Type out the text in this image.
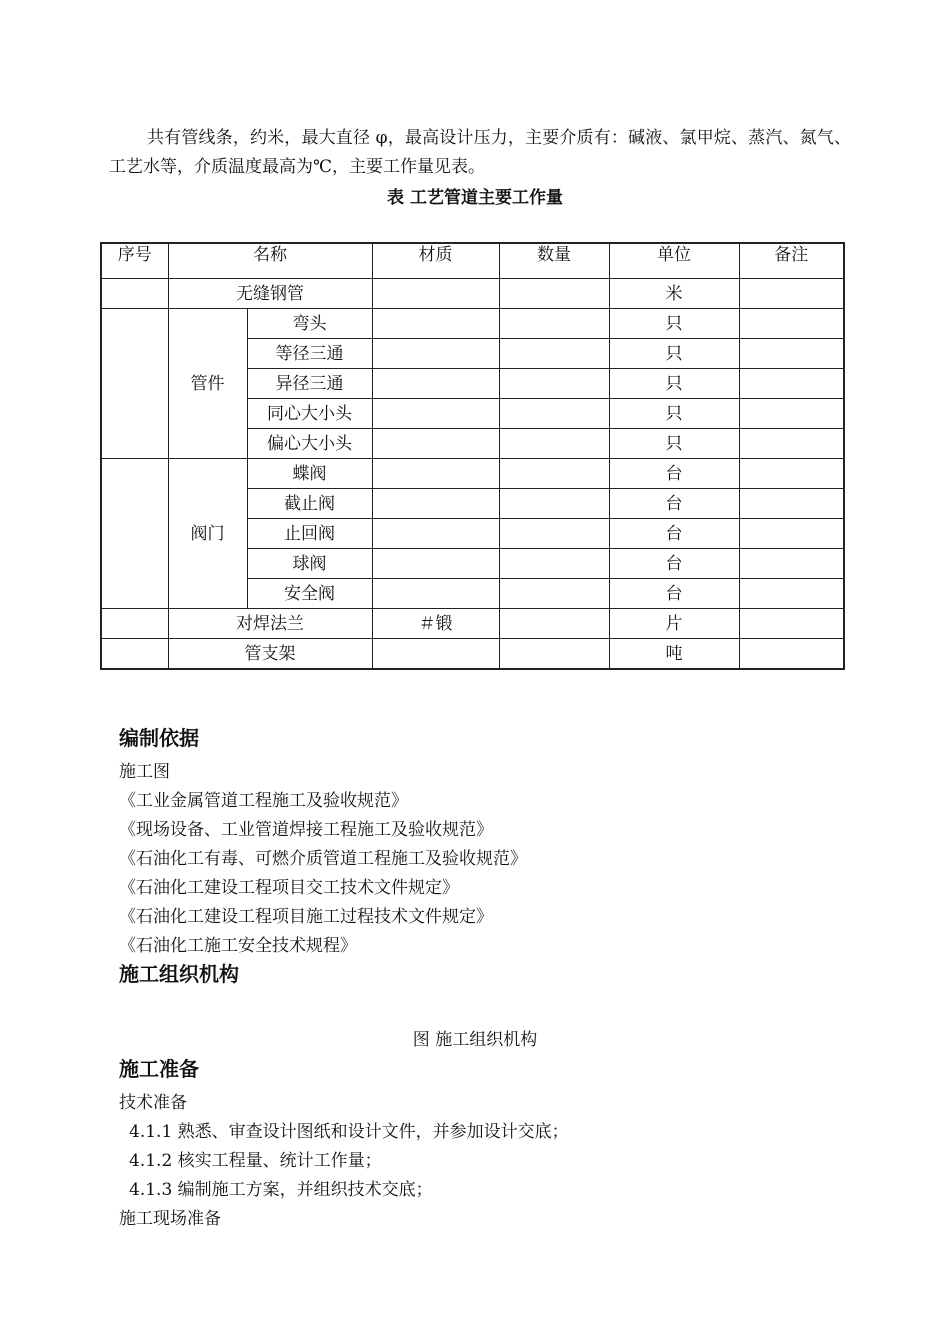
共有管线条，约米，最大直径 φ，最高设计压力，主要介质有：碱液、氯甲烷、蒸汽、氮气、工艺水等，介质温度最高为℃，主要工作量见表。

表 工艺管道主要工作量
序号	名称		材质	数量	单位	备注
	无缝钢管				米	
	管件	弯头			只	
		等径三通			只	
		异径三通			只	
		同心大小头			只	
		偏心大小头			只	
	阀门	蝶阀			台	
		截止阀			台	
		止回阀			台	
		球阀			台	
		安全阀			台	
	对焊法兰		＃锻		片	
	管支架				吨	
编制依据

施工图

《工业金属管道工程施工及验收规范》

《现场设备、工业管道焊接工程施工及验收规范》

《石油化工有毒、可燃介质管道工程施工及验收规范》

《石油化工建设工程项目交工技术文件规定》

《石油化工建设工程项目施工过程技术文件规定》

《石油化工施工安全技术规程》

施工组织机构
图 施工组织机构
施工准备

技术准备

4.1.1 熟悉、审查设计图纸和设计文件，并参加设计交底；

4.1.2 核实工程量、统计工作量；

4.1.3 编制施工方案，并组织技术交底；

施工现场准备
